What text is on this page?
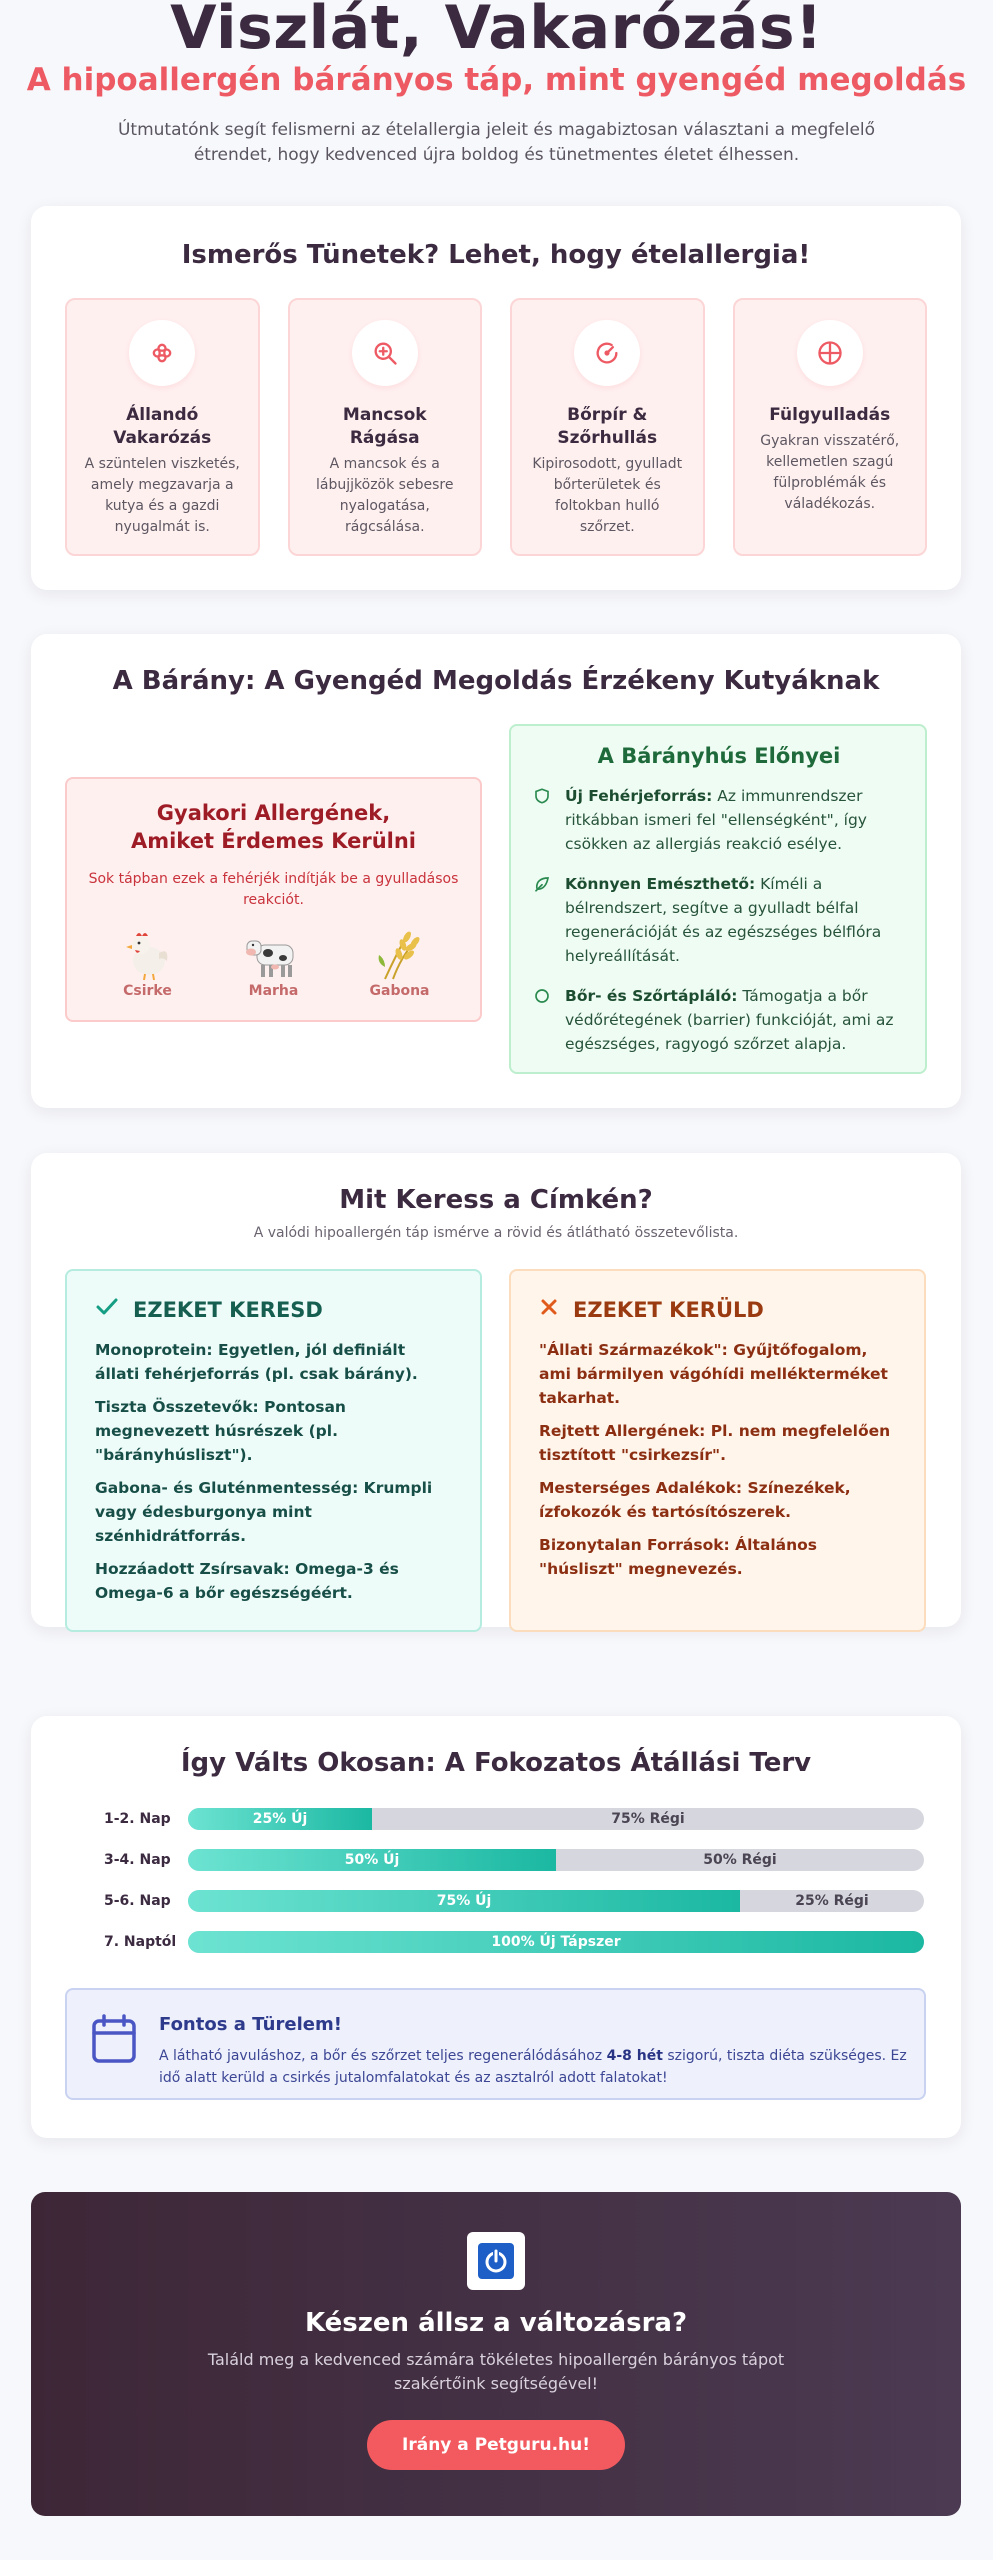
Viszlát, Vakarózás!
A hipoallergén bárányos táp, mint gyengéd megoldás

Útmutatónk segít felismerni az ételallergia jeleit és magabiztosan választani a megfelelő étrendet, hogy kedvenced újra boldog és tünetmentes életet élhessen.

Ismerős Tünetek? Lehet, hogy ételallergia!
Állandó Vakarózás
A szüntelen viszketés, amely megzavarja a kutya és a gazdi nyugalmát is.
Mancsok Rágása
A mancsok és a lábujjközök sebesre nyalogatása, rágcsálása.
Bőrpír & Szőrhullás
Kipirosodott, gyulladt bőrterületek és foltokban hulló szőrzet.
Fülgyulladás
Gyakran visszatérő, kellemetlen szagú fülproblémák és váladékozás.
A Bárány: A Gyengéd Megoldás Érzékeny Kutyáknak
Gyakori Allergének, Amiket Érdemes Kerülni
Sok tápban ezek a fehérjék indítják be a gyulladásos reakciót.
Csirke	Marha	Gabona
A Bárányhús Előnyei
Új Fehérjeforrás: Az immunrendszer ritkábban ismeri fel "ellenségként", így csökken az allergiás reakció esélye.
Könnyen Emészthető: Kíméli a bélrendszert, segítve a gyulladt bélfal regenerációját és az egészséges bélflóra helyreállítását.
Bőr- és Szőrtápláló: Támogatja a bőr védőrétegének (barrier) funkcióját, ami az egészséges, ragyogó szőrzet alapja.
Mit Keress a Címkén?

A valódi hipoallergén táp ismérve a rövid és átlátható összetevőlista.

EZEKET KERESD
Monoprotein: Egyetlen, jól definiált állati fehérjeforrás (pl. csak bárány).
Tiszta Összetevők: Pontosan megnevezett húsrészek (pl. "bárányhúsliszt").
Gabona- és Gluténmentesség: Krumpli vagy édesburgonya mint szénhidrátforrás.
Hozzáadott Zsírsavak: Omega-3 és Omega-6 a bőr egészségéért.
EZEKET KERÜLD
"Állati Származékok": Gyűjtőfogalom, ami bármilyen vágóhídi mellékterméket takarhat.
Rejtett Allergének: Pl. nem megfelelően tisztított "csirkezsír".
Mesterséges Adalékok: Színezékek, ízfokozók és tartósítószerek.
Bizonytalan Források: Általános "húsliszt" megnevezés.
Így Válts Okosan: A Fokozatos Átállási Terv
1-2. Nap	25% Új	75% Régi
3-4. Nap	50% Új	50% Régi
5-6. Nap	75% Új	25% Régi
7. Naptól	100% Új Tápszer
Fontos a Türelem!
A látható javuláshoz, a bőr és szőrzet teljes regenerálódásához 4-8 hét szigorú, tiszta diéta szükséges. Ez idő alatt kerüld a csirkés jutalomfalatokat és az asztalról adott falatokat!
Készen állsz a változásra?
Találd meg a kedvenced számára tökéletes hipoallergén bárányos tápot szakértőink segítségével!
Irány a Petguru.hu!
